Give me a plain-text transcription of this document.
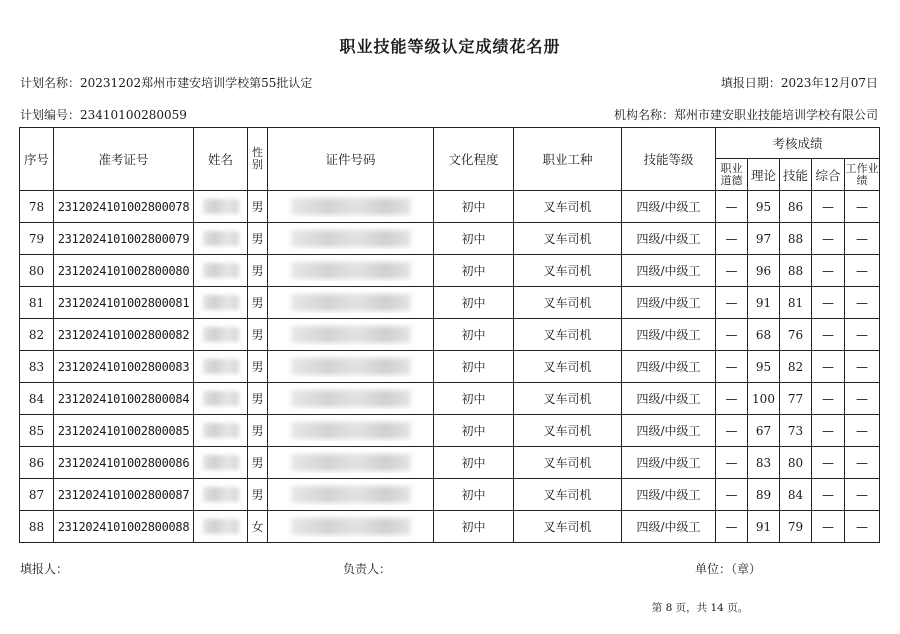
职业技能等级认定成绩花名册
计划名称：20231202郑州市建安培训学校第55批认定	填报日期：2023年12月07日
计划编号：23410100280059	机构名称：郑州市建安职业技能培训学校有限公司
序号	准考证号	姓名	性别	证件号码	文化程度	职业工种	技能等级	考核成绩				
								职业道德	理论	技能	综合	工作业绩
78	2312024101002800078		男		初中	叉车司机	四级/中级工	—	95	86	—	—
79	2312024101002800079		男		初中	叉车司机	四级/中级工	—	97	88	—	—
80	2312024101002800080		男		初中	叉车司机	四级/中级工	—	96	88	—	—
81	2312024101002800081		男		初中	叉车司机	四级/中级工	—	91	81	—	—
82	2312024101002800082		男		初中	叉车司机	四级/中级工	—	68	76	—	—
83	2312024101002800083		男		初中	叉车司机	四级/中级工	—	95	82	—	—
84	2312024101002800084		男		初中	叉车司机	四级/中级工	—	100	77	—	—
85	2312024101002800085		男		初中	叉车司机	四级/中级工	—	67	73	—	—
86	2312024101002800086		男		初中	叉车司机	四级/中级工	—	83	80	—	—
87	2312024101002800087		男		初中	叉车司机	四级/中级工	—	89	84	—	—
88	2312024101002800088		女		初中	叉车司机	四级/中级工	—	91	79	—	—
填报人：	负责人：	单位：（章）
第 8 页，共 14 页。
